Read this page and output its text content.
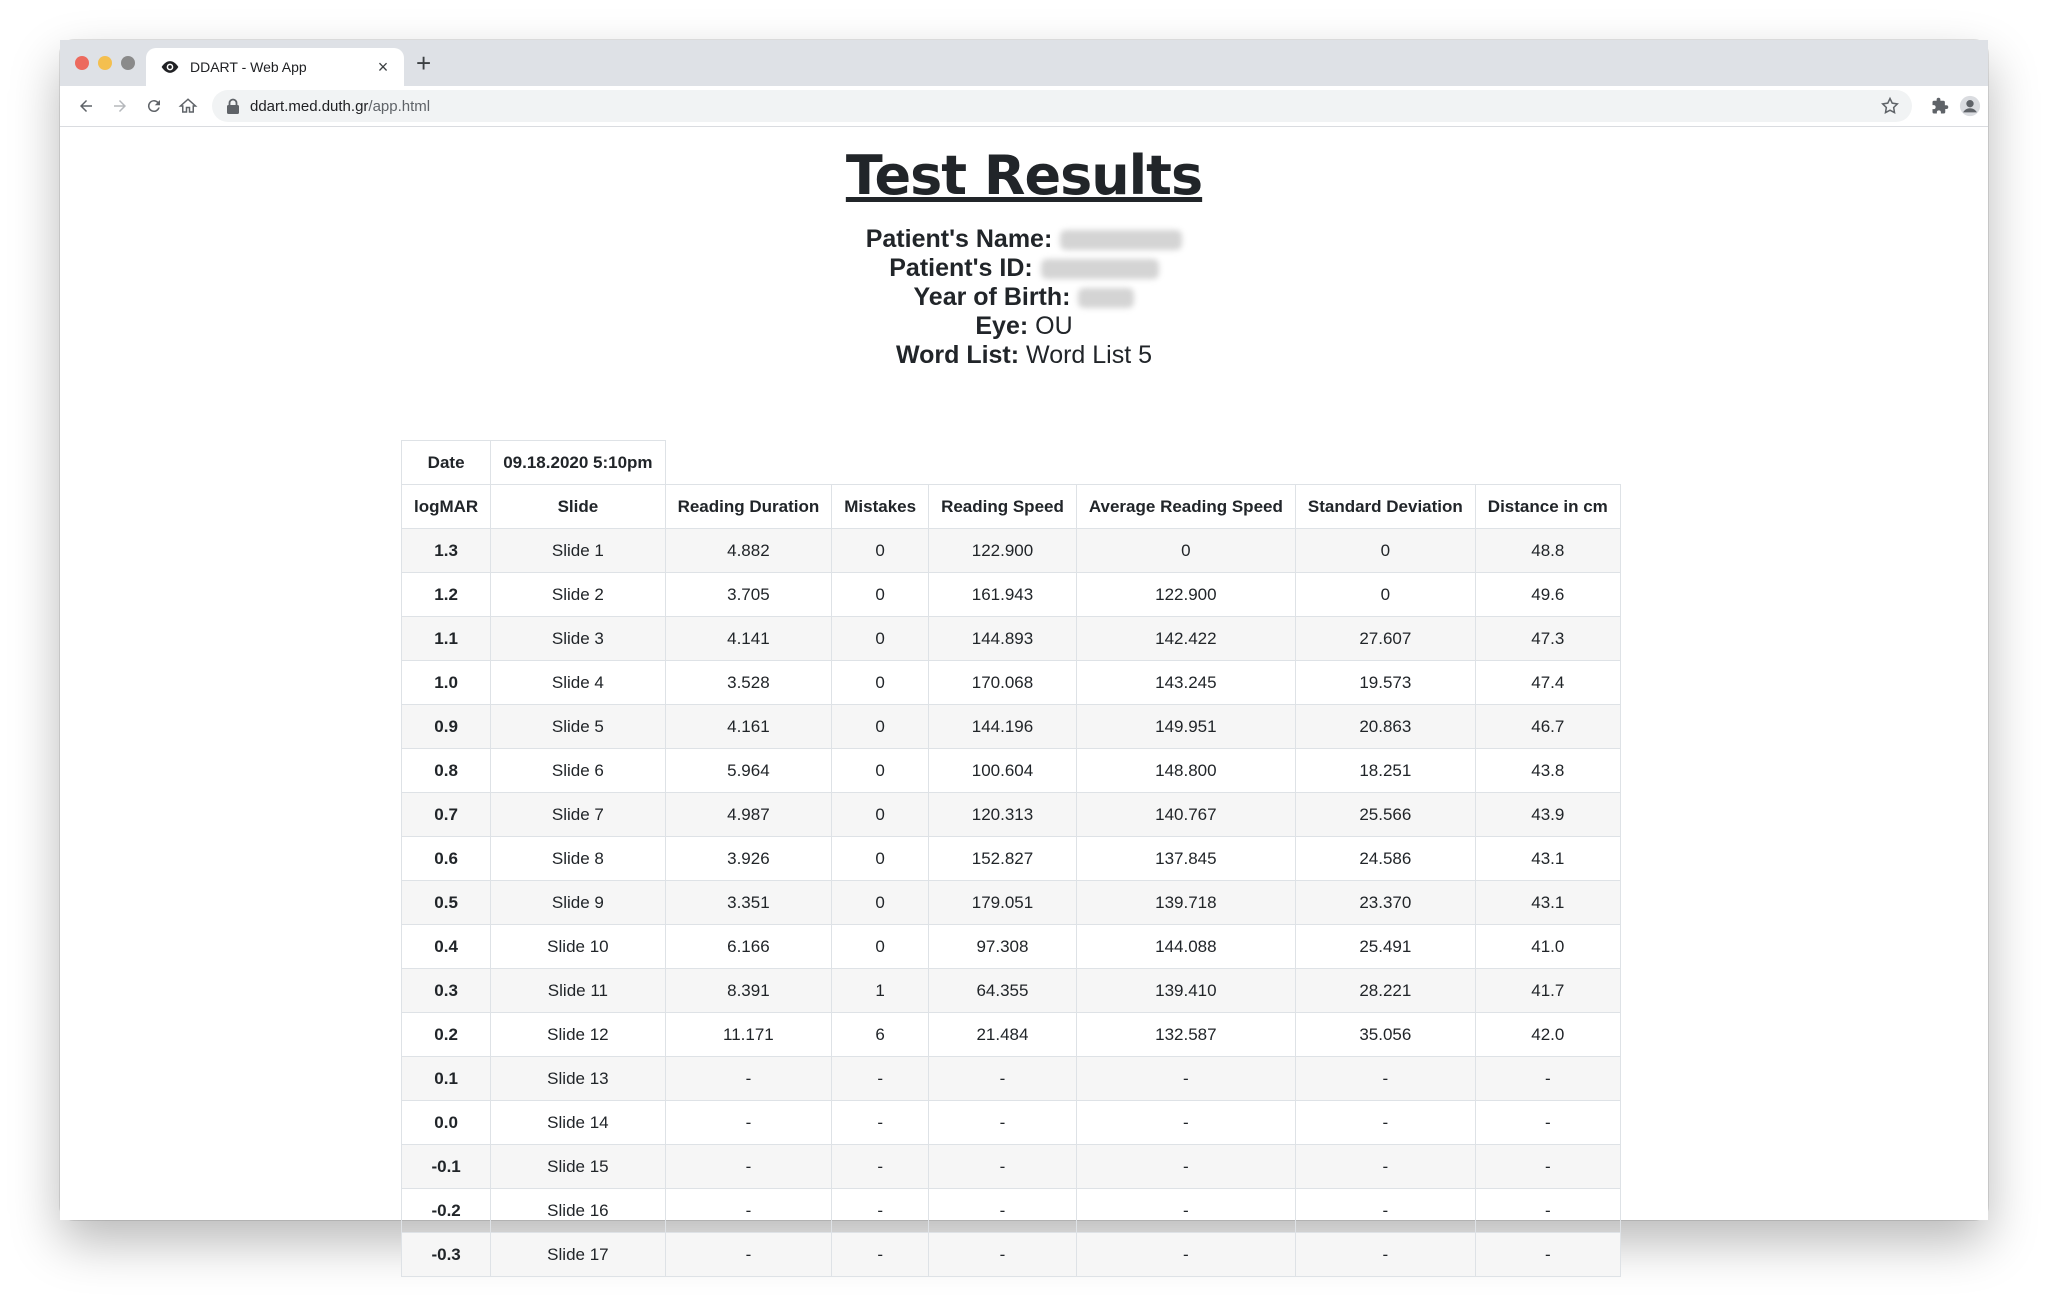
DDART - Web App	× +
ddart.med.duth.gr/app.html
Test Results
Patient's Name:
Patient's ID:
Year of Birth:
Eye: OU
Word List: Word List 5
Date	09.18.2020 5:10pm						
logMAR	Slide	Reading Duration	Mistakes	Reading Speed	Average Reading Speed	Standard Deviation	Distance in cm
1.3	Slide 1	4.882	0	122.900	0	0	48.8
1.2	Slide 2	3.705	0	161.943	122.900	0	49.6
1.1	Slide 3	4.141	0	144.893	142.422	27.607	47.3
1.0	Slide 4	3.528	0	170.068	143.245	19.573	47.4
0.9	Slide 5	4.161	0	144.196	149.951	20.863	46.7
0.8	Slide 6	5.964	0	100.604	148.800	18.251	43.8
0.7	Slide 7	4.987	0	120.313	140.767	25.566	43.9
0.6	Slide 8	3.926	0	152.827	137.845	24.586	43.1
0.5	Slide 9	3.351	0	179.051	139.718	23.370	43.1
0.4	Slide 10	6.166	0	97.308	144.088	25.491	41.0
0.3	Slide 11	8.391	1	64.355	139.410	28.221	41.7
0.2	Slide 12	11.171	6	21.484	132.587	35.056	42.0
0.1	Slide 13	-	-	-	-	-	-
0.0	Slide 14	-	-	-	-	-	-
-0.1	Slide 15	-	-	-	-	-	-
-0.2	Slide 16	-	-	-	-	-	-
-0.3	Slide 17	-	-	-	-	-	-
